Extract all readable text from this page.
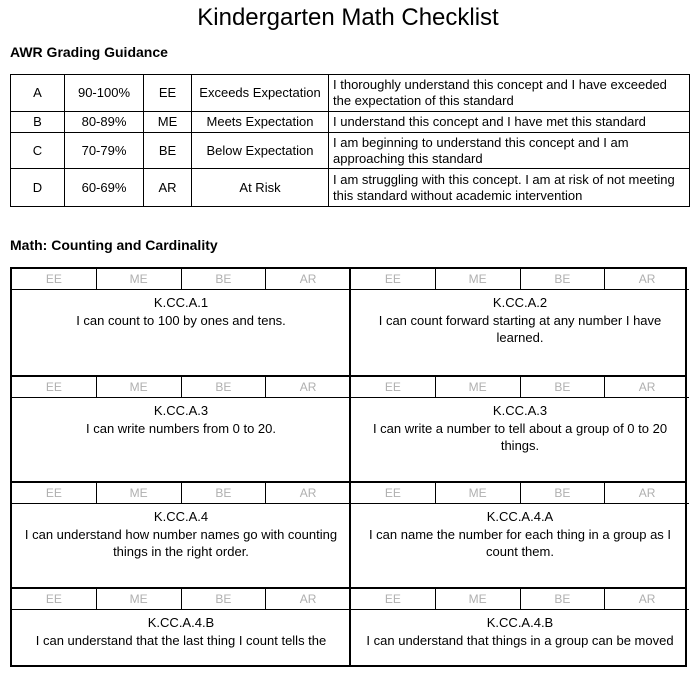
Kindergarten Math Checklist
AWR Grading Guidance
A	90-100%	EE	Exceeds Expectation	I thoroughly understand this concept and I have exceeded the expectation of this standard
B	80-89%	ME	Meets Expectation	I understand this concept and I have met this standard
C	70-79%	BE	Below Expectation	I am beginning to understand this concept and I am approaching this standard
D	60-69%	AR	At Risk	I am struggling with this concept. I am at risk of not meeting this standard without academic intervention
Math: Counting and Cardinality
EE	ME	BE	AR
K.CC.A.1
I can count to 100 by ones and tens.
EE	ME	BE	AR
K.CC.A.2
I can count forward starting at any number I have learned.
EE	ME	BE	AR
K.CC.A.3
I can write numbers from 0 to 20.
EE	ME	BE	AR
K.CC.A.3
I can write a number to tell about a group of 0 to 20 things.
EE	ME	BE	AR
K.CC.A.4
I can understand how number names go with counting things in the right order.
EE	ME	BE	AR
K.CC.A.4.A
I can name the number for each thing in a group as I count them.
EE	ME	BE	AR
K.CC.A.4.B
I can understand that the last thing I count tells the
EE	ME	BE	AR
K.CC.A.4.B
I can understand that things in a group can be moved
